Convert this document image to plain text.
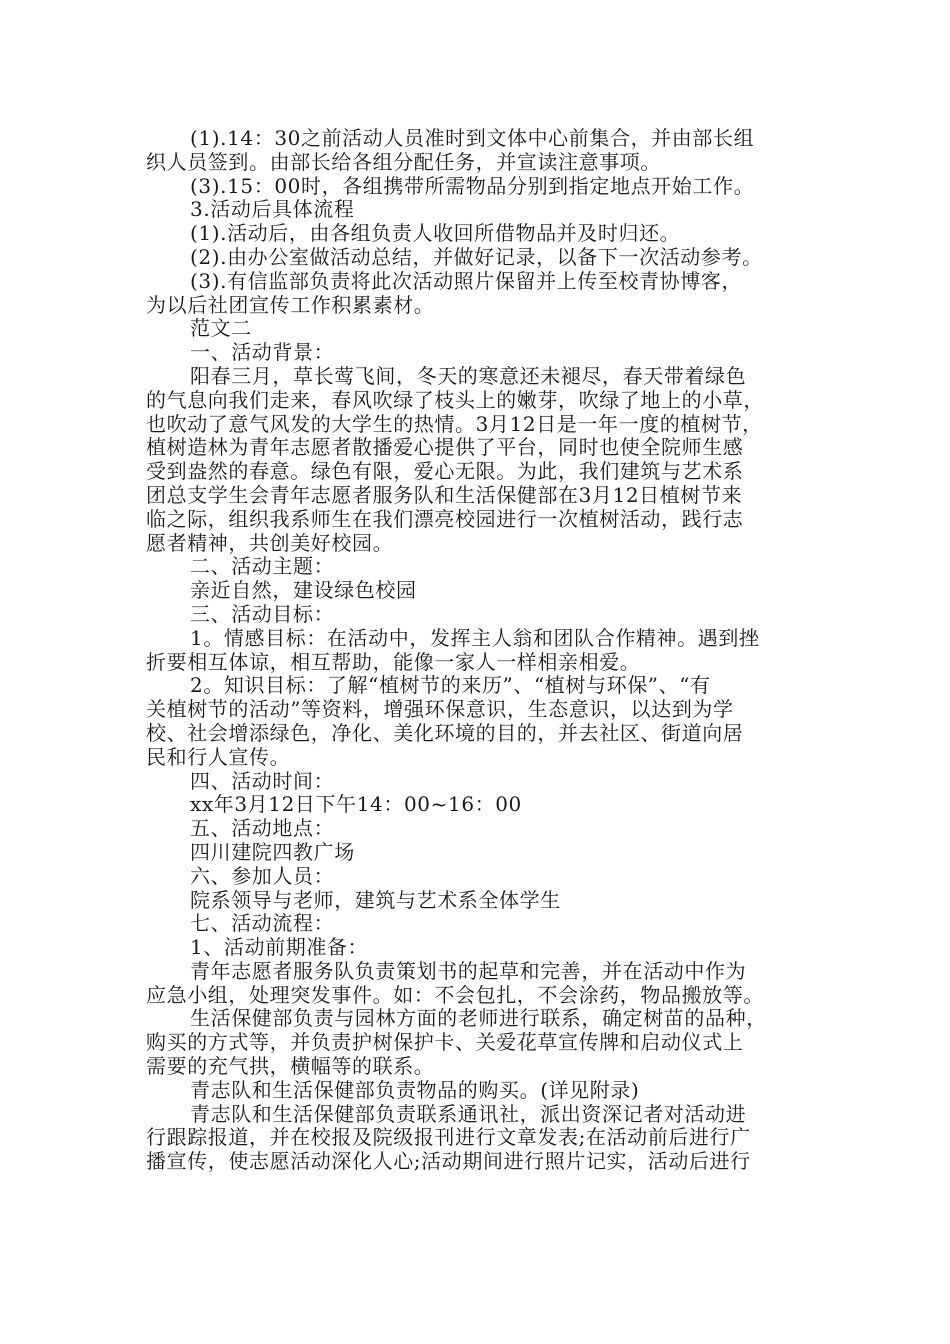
(1).14：30之前活动人员准时到文体中心前集合，并由部长组

织人员签到。由部长给各组分配任务，并宣读注意事项。

(3).15：00时，各组携带所需物品分别到指定地点开始工作。

3.活动后具体流程

(1).活动后，由各组负责人收回所借物品并及时归还。

(2).由办公室做活动总结，并做好记录，以备下一次活动参考。

(3).有信监部负责将此次活动照片保留并上传至校青协博客，

为以后社团宣传工作积累素材。

范文二

一、活动背景：

阳春三月，草长莺飞间，冬天的寒意还未褪尽，春天带着绿色

的气息向我们走来，春风吹绿了枝头上的嫩芽，吹绿了地上的小草，

也吹动了意气风发的大学生的热情。3月12日是一年一度的植树节，

植树造林为青年志愿者散播爱心提供了平台，同时也使全院师生感

受到盎然的春意。绿色有限，爱心无限。为此，我们建筑与艺术系

团总支学生会青年志愿者服务队和生活保健部在3月12日植树节来

临之际，组织我系师生在我们漂亮校园进行一次植树活动，践行志

愿者精神，共创美好校园。

二、活动主题：

亲近自然，建设绿色校园

三、活动目标：

1。情感目标：在活动中，发挥主人翁和团队合作精神。遇到挫

折要相互体谅，相互帮助，能像一家人一样相亲相爱。

2。知识目标：了解“植树节的来历”、“植树与环保”、“有

关植树节的活动”等资料，增强环保意识，生态意识，以达到为学

校、社会增添绿色，净化、美化环境的目的，并去社区、街道向居

民和行人宣传。

四、活动时间：

xx年3月12日下午14：00~16：00

五、活动地点：

四川建院四教广场

六、参加人员：

院系领导与老师，建筑与艺术系全体学生

七、活动流程：

1、活动前期准备：

青年志愿者服务队负责策划书的起草和完善，并在活动中作为

应急小组，处理突发事件。如：不会包扎，不会涂药，物品搬放等。

生活保健部负责与园林方面的老师进行联系，确定树苗的品种，

购买的方式等，并负责护树保护卡、关爱花草宣传牌和启动仪式上

需要的充气拱，横幅等的联系。

青志队和生活保健部负责物品的购买。(详见附录)

青志队和生活保健部负责联系通讯社，派出资深记者对活动进

行跟踪报道，并在校报及院级报刊进行文章发表;在活动前后进行广

播宣传，使志愿活动深化人心;活动期间进行照片记实，活动后进行
